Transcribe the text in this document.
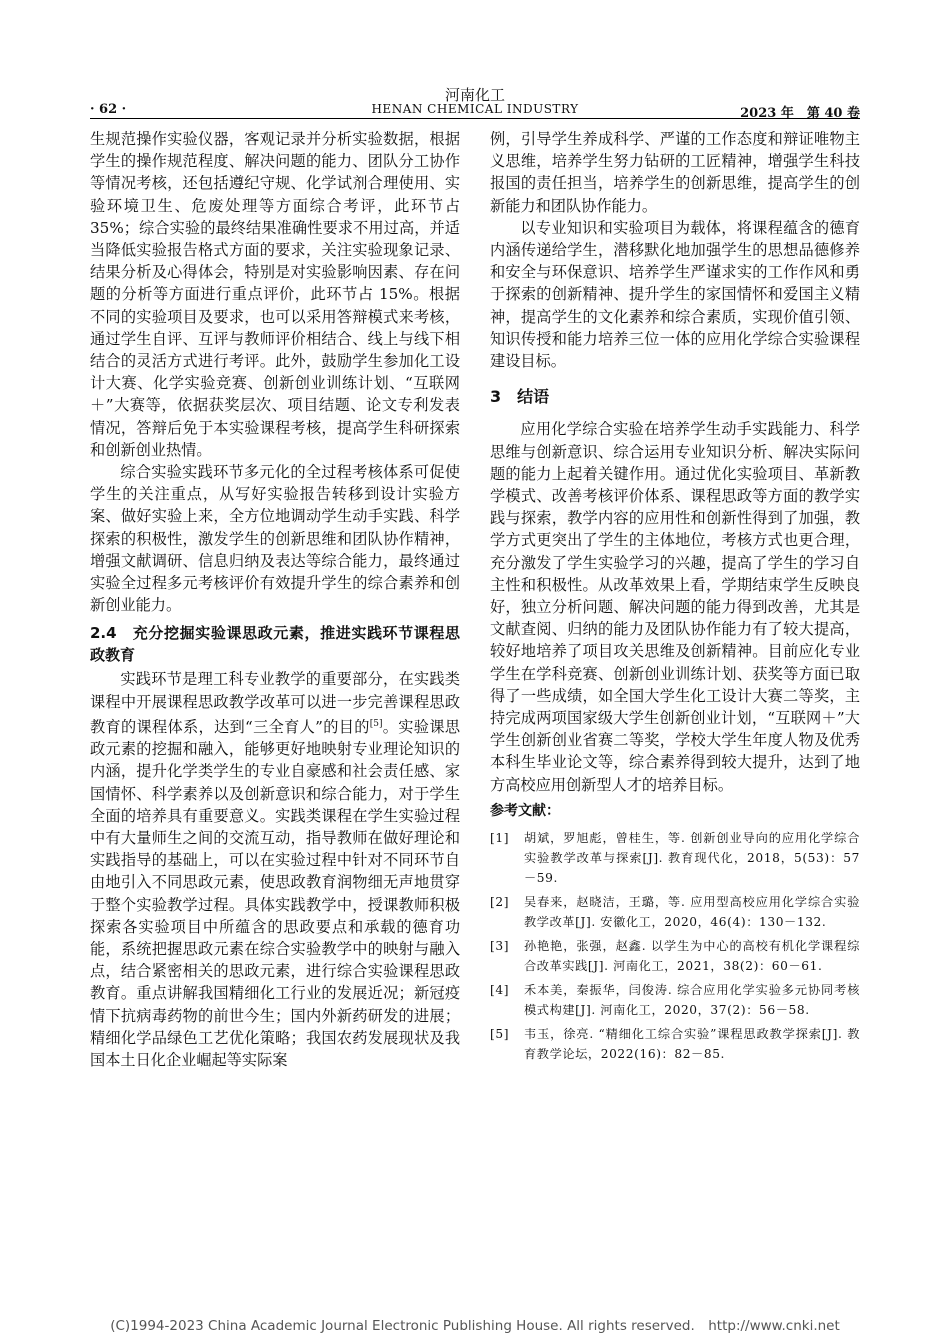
河南化工
· 62 ·	HENAN CHEMICAL INDUSTRY	2023 年　第 40 卷

生规范操作实验仪器，客观记录并分析实验数据，根据学生的操作规范程度、解决问题的能力、团队分工协作等情况考核，还包括遵纪守规、化学试剂合理使用、实验环境卫生、危废处理等方面综合考评，此环节占 35%；综合实验的最终结果准确性要求不用过高，并适当降低实验报告格式方面的要求，关注实验现象记录、结果分析及心得体会，特别是对实验影响因素、存在问题的分析等方面进行重点评价，此环节占 15%。根据不同的实验项目及要求，也可以采用答辩模式来考核，通过学生自评、互评与教师评价相结合、线上与线下相结合的灵活方式进行考评。此外，鼓励学生参加化工设计大赛、化学实验竞赛、创新创业训练计划、“互联网＋”大赛等，依据获奖层次、项目结题、论文专利发表情况，答辩后免于本实验课程考核，提高学生科研探索和创新创业热情。

综合实验实践环节多元化的全过程考核体系可促使学生的关注重点，从写好实验报告转移到设计实验方案、做好实验上来，全方位地调动学生动手实践、科学探索的积极性，激发学生的创新思维和团队协作精神，增强文献调研、信息归纳及表达等综合能力，最终通过实验全过程多元考核评价有效提升学生的综合素养和创新创业能力。

2.4　充分挖掘实验课思政元素，推进实践环节课程思政教育

实践环节是理工科专业教学的重要部分，在实践类课程中开展课程思政教学改革可以进一步完善课程思政教育的课程体系，达到“三全育人”的目的[5]。实验课思政元素的挖掘和融入，能够更好地映射专业理论知识的内涵，提升化学类学生的专业自豪感和社会责任感、家国情怀、科学素养以及创新意识和综合能力，对于学生全面的培养具有重要意义。实践类课程在学生实验过程中有大量师生之间的交流互动，指导教师在做好理论和实践指导的基础上，可以在实验过程中针对不同环节自由地引入不同思政元素，使思政教育润物细无声地贯穿于整个实验教学过程。具体实践教学中，授课教师积极探索各实验项目中所蕴含的思政要点和承载的德育功能，系统把握思政元素在综合实验教学中的映射与融入点，结合紧密相关的思政元素，进行综合实验课程思政教育。重点讲解我国精细化工行业的发展近况；新冠疫情下抗病毒药物的前世今生；国内外新药研发的进展；精细化学品绿色工艺优化策略；我国农药发展现状及我国本土日化企业崛起等实际案

例，引导学生养成科学、严谨的工作态度和辩证唯物主义思维，培养学生努力钻研的工匠精神，增强学生科技报国的责任担当，培养学生的创新思维，提高学生的创新能力和团队协作能力。

以专业知识和实验项目为载体，将课程蕴含的德育内涵传递给学生，潜移默化地加强学生的思想品德修养和安全与环保意识、培养学生严谨求实的工作作风和勇于探索的创新精神、提升学生的家国情怀和爱国主义精神，提高学生的文化素养和综合素质，实现价值引领、知识传授和能力培养三位一体的应用化学综合实验课程建设目标。

3　结语

应用化学综合实验在培养学生动手实践能力、科学思维与创新意识、综合运用专业知识分析、解决实际问题的能力上起着关键作用。通过优化实验项目、革新教学模式、改善考核评价体系、课程思政等方面的教学实践与探索，教学内容的应用性和创新性得到了加强，教学方式更突出了学生的主体地位，考核方式也更合理，充分激发了学生实验学习的兴趣，提高了学生的学习自主性和积极性。从改革效果上看，学期结束学生反映良好，独立分析问题、解决问题的能力得到改善，尤其是文献查阅、归纳的能力及团队协作能力有了较大提高，较好地培养了项目攻关思维及创新精神。目前应化专业学生在学科竞赛、创新创业训练计划、获奖等方面已取得了一些成绩，如全国大学生化工设计大赛二等奖，主持完成两项国家级大学生创新创业计划，“互联网＋”大学生创新创业省赛二等奖，学校大学生年度人物及优秀本科生毕业论文等，综合素养得到较大提升，达到了地方高校应用创新型人才的培养目标。

参考文献：
[1]	胡斌，罗旭彪，曾桂生，等. 创新创业导向的应用化学综合实验教学改革与探索[J]. 教育现代化，2018，5(53)：57－59.
[2]	吴春来，赵晓洁，王璐，等. 应用型高校应用化学综合实验教学改革[J]. 安徽化工，2020，46(4)：130－132.
[3]	孙艳艳，张强，赵鑫. 以学生为中心的高校有机化学课程综合改革实践[J]. 河南化工，2021，38(2)：60－61.
[4]	禾本美，秦振华，闫俊涛. 综合应用化学实验多元协同考核模式构建[J]. 河南化工，2020，37(2)：56－58.
[5]	韦玉，徐亮. “精细化工综合实验”课程思政教学探索[J]. 教育教学论坛，2022(16)：82－85.
(C)1994-2023 China Academic Journal Electronic Publishing House. All rights reserved.　http://www.cnki.net
